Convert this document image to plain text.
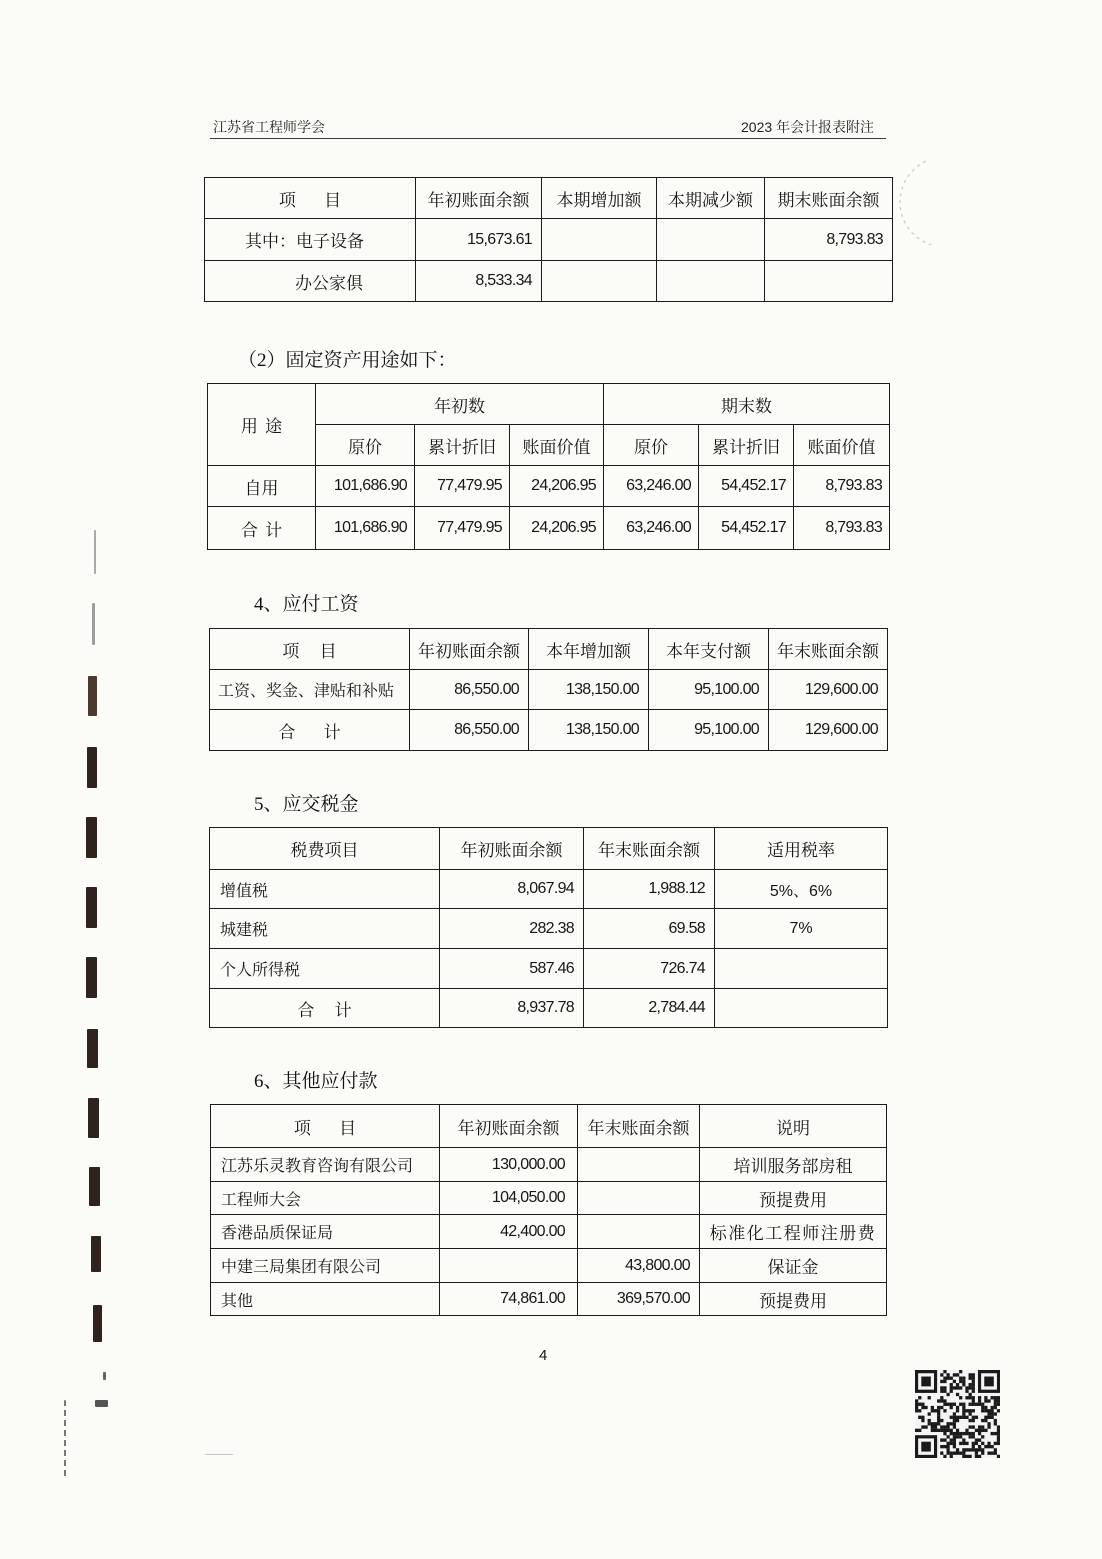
江苏省工程师学会	2023 年会计报表附注
项 目	年初账面余额	本期增加额	本期减少额	期末账面余额
其中：电子设备	15,673.61			8,793.83
办公家俱	8,533.34			
（2）固定资产用途如下：
用 途	年初数			期末数		
	原价	累计折旧	账面价值	原价	累计折旧	账面价值
自用	101,686.90	77,479.95	24,206.95	63,246.00	54,452.17	8,793.83
合 计	101,686.90	77,479.95	24,206.95	63,246.00	54,452.17	8,793.83
4、应付工资
项 目	年初账面余额	本年增加额	本年支付额	年末账面余额
工资、奖金、津贴和补贴	86,550.00	138,150.00	95,100.00	129,600.00
合 计	86,550.00	138,150.00	95,100.00	129,600.00
5、应交税金
税费项目	年初账面余额	年末账面余额	适用税率
增值税	8,067.94	1,988.12	5%、6%
城建税	282.38	69.58	7%
个人所得税	587.46	726.74	
合 计	8,937.78	2,784.44	
6、其他应付款
项 目	年初账面余额	年末账面余额	说明
江苏乐灵教育咨询有限公司	130,000.00		培训服务部房租
工程师大会	104,050.00		预提费用
香港品质保证局	42,400.00		标准化工程师注册费
中建三局集团有限公司		43,800.00	保证金
其他	74,861.00	369,570.00	预提费用
4
